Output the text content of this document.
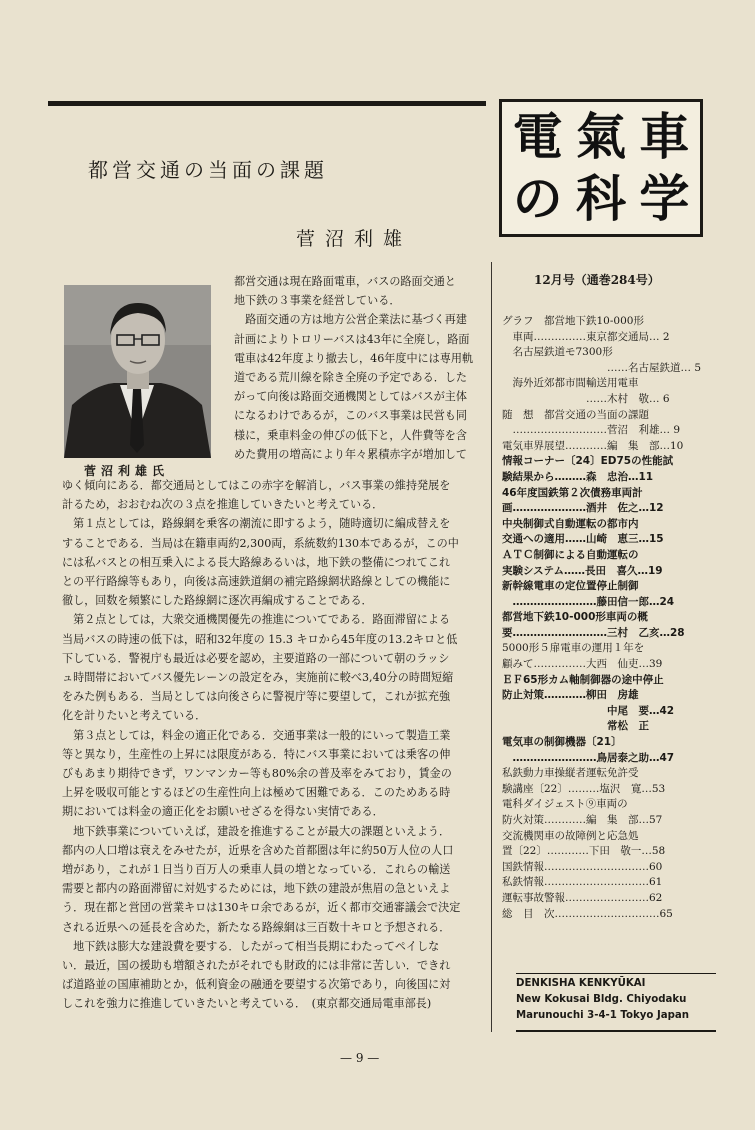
電 氣 車
の 科 学
都営交通の当面の課題
菅沼利雄
菅沼利雄氏
都営交通は現在路面電車，バスの路面交通と
地下鉄の３事業を経営している．
　路面交通の方は地方公営企業法に基づく再建
計画によりトロリーバスは43年に全廃し，路面
電車は42年度より撤去し，46年度中には専用軌
道である荒川線を除き全廃の予定である．した
がって向後は路面交通機関としてはバスが主体
になるわけであるが，このバス事業は民営も同
様に，乗車料金の伸びの低下と，人件費等を含
めた費用の増高により年々累積赤字が増加して
ゆく傾向にある．都交通局としてはこの赤字を解消し，バス事業の維持発展を
計るため，おおむね次の３点を推進していきたいと考えている．
　第１点としては，路線網を乗客の潮流に即するよう，随時適切に編成替えを
することである．当局は在籍車両約2,300両，系統数約130本であるが，この中
には私バスとの相互乗入による長大路線あるいは，地下鉄の整備につれてこれ
との平行路線等もあり，向後は高速鉄道網の補完路線網状路線としての機能に
徹し，回数を頻繁にした路線網に逐次再編成することである．
　第２点としては，大衆交通機関優先の推進についてである．路面滞留による
当局バスの時速の低下は，昭和32年度の 15.3 キロから45年度の13.2キロと低
下している．警視庁も最近は必要を認め，主要道路の一部について朝のラッシ
ュ時間帯においてバス優先レーンの設定をみ，実施前に較べ3,40分の時間短縮
をみた例もある．当局としては向後さらに警視庁等に要望して，これが拡充強
化を計りたいと考えている．
　第３点としては，料金の適正化である．交通事業は一般的にいって製造工業
等と異なり，生産性の上昇には限度がある．特にバス事業においては乗客の伸
びもあまり期待できず，ワンマンカー等も80%余の普及率をみており，賃金の
上昇を吸収可能とするほどの生産性向上は極めて困難である．このためある時
期においては料金の適正化をお願いせざるを得ない実情である．
　地下鉄事業についていえば，建設を推進することが最大の課題といえよう．
都内の人口増は衰えをみせたが，近県を含めた首都圏は年に約50万人位の人口
増があり，これが１日当り百万人の乗車人員の増となっている．これらの輸送
需要と都内の路面滞留に対処するためには，地下鉄の建設が焦眉の急といえよ
う．現在都と営団の営業キロは130キロ余であるが，近く都市交通審議会で決定
される近県への延長を含めた，新たなる路線網は三百数十キロと予想される．
　地下鉄は膨大な建設費を要する．したがって相当長期にわたってペイしな
い．最近，国の援助も増額されたがそれでも財政的には非常に苦しい．できれ
ば道路並の国庫補助とか，低利資金の融通を要望する次第であり，向後国に対
しこれを強力に推進していきたいと考えている．　(東京都交通局電車部長)
12月号（通巻284号）
グラフ　都営地下鉄10-000形
　車両……………東京都交通局… 2
　名古屋鉄道モ7300形
　　　　　　　　　　……名古屋鉄道… 5
　海外近郊都市間輸送用電車
　　　　　　　　……木村　敬… 6
随　想　都営交通の当面の課題
　………………………菅沼　利雄… 9
電気車界展望…………編　集　部…10
情報コーナー〔24〕ED75の性能試
験結果から………森　忠治…11
46年度国鉄第２次債務車両計
画…………………酒井　佐之…12
中央制御式自動運転の都市内
交通への適用……山崎　恵三…15
ＡＴＣ制御による自動運転の
実験システム……長田　喜久…19
新幹線電車の定位置停止制御
　……………………藤田信一郎…24
都営地下鉄10-000形車両の概
要………………………三村　乙亥…28
5000形５扉電車の運用１年を
顧みて……………大西　仙吏…39
ＥＦ65形カム軸制御器の途中停止
防止対策…………柳田　房雄
　　　　　　　　　　中尾　要…42
　　　　　　　　　　常松　正
電気車の制御機器〔21〕
　……………………鳥居泰之助…47
私鉄動力車操縦者運転免許受
験講座〔22〕………塩沢　寛…53
電科ダイジェスト⑨車両の
防火対策…………編　集　部…57
交流機関車の故障例と応急処
置〔22〕…………下田　敬一…58
国鉄情報…………………………60
私鉄情報…………………………61
運転事故警報……………………62
総　目　次…………………………65
DENKISHA KENKYŪKAI
New Kokusai Bldg. Chiyodaku
Marunouchi 3-4-1 Tokyo Japan
— 9 —
